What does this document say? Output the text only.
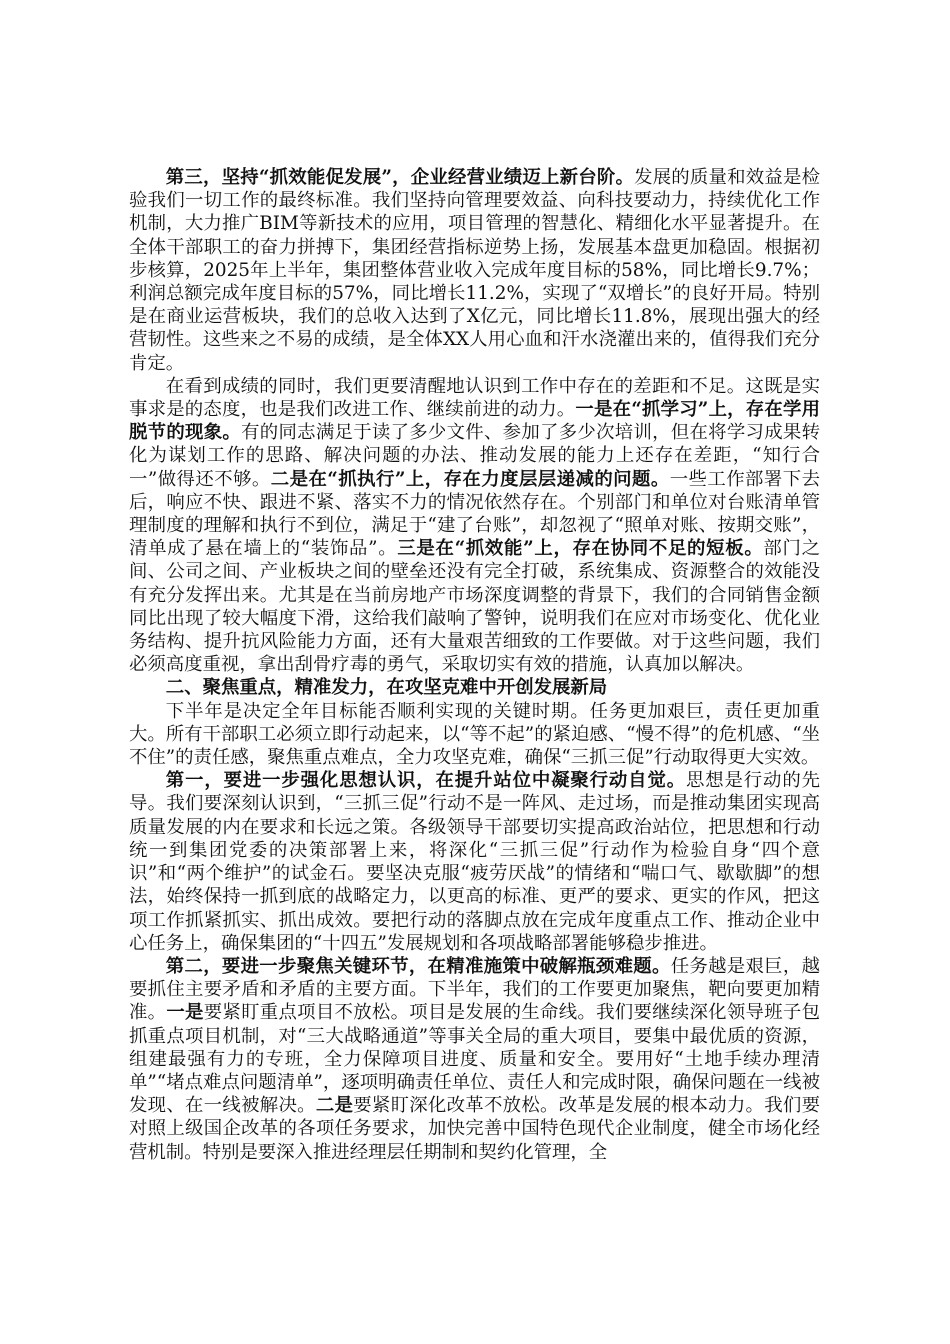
第三，坚持“抓效能促发展”，企业经营业绩迈上新台阶。发展的质量和效益是检验我们一切工作的最终标准。我们坚持向管理要效益、向科技要动力，持续优化工作机制，大力推广BIM等新技术的应用，项目管理的智慧化、精细化水平显著提升。在全体干部职工的奋力拼搏下，集团经营指标逆势上扬，发展基本盘更加稳固。根据初步核算，2025年上半年，集团整体营业收入完成年度目标的58%，同比增长9.7%；利润总额完成年度目标的57%，同比增长11.2%，实现了“双增长”的良好开局。特别是在商业运营板块，我们的总收入达到了X亿元，同比增长11.8%，展现出强大的经营韧性。这些来之不易的成绩，是全体XX人用心血和汗水浇灌出来的，值得我们充分肯定。

在看到成绩的同时，我们更要清醒地认识到工作中存在的差距和不足。这既是实事求是的态度，也是我们改进工作、继续前进的动力。一是在“抓学习”上，存在学用脱节的现象。有的同志满足于读了多少文件、参加了多少次培训，但在将学习成果转化为谋划工作的思路、解决问题的办法、推动发展的能力上还存在差距，“知行合一”做得还不够。二是在“抓执行”上，存在力度层层递减的问题。一些工作部署下去后，响应不快、跟进不紧、落实不力的情况依然存在。个别部门和单位对台账清单管理制度的理解和执行不到位，满足于“建了台账”，却忽视了“照单对账、按期交账”，清单成了悬在墙上的“装饰品”。三是在“抓效能”上，存在协同不足的短板。部门之间、公司之间、产业板块之间的壁垒还没有完全打破，系统集成、资源整合的效能没有充分发挥出来。尤其是在当前房地产市场深度调整的背景下，我们的合同销售金额同比出现了较大幅度下滑，这给我们敲响了警钟，说明我们在应对市场变化、优化业务结构、提升抗风险能力方面，还有大量艰苦细致的工作要做。对于这些问题，我们必须高度重视，拿出刮骨疗毒的勇气，采取切实有效的措施，认真加以解决。

二、聚焦重点，精准发力，在攻坚克难中开创发展新局

下半年是决定全年目标能否顺利实现的关键时期。任务更加艰巨，责任更加重大。所有干部职工必须立即行动起来，以“等不起”的紧迫感、“慢不得”的危机感、“坐不住”的责任感，聚焦重点难点，全力攻坚克难，确保“三抓三促”行动取得更大实效。

第一，要进一步强化思想认识，在提升站位中凝聚行动自觉。思想是行动的先导。我们要深刻认识到，“三抓三促”行动不是一阵风、走过场，而是推动集团实现高质量发展的内在要求和长远之策。各级领导干部要切实提高政治站位，把思想和行动统一到集团党委的决策部署上来，将深化“三抓三促”行动作为检验自身“四个意识”和“两个维护”的试金石。要坚决克服“疲劳厌战”的情绪和“喘口气、歇歇脚”的想法，始终保持一抓到底的战略定力，以更高的标准、更严的要求、更实的作风，把这项工作抓紧抓实、抓出成效。要把行动的落脚点放在完成年度重点工作、推动企业中心任务上，确保集团的“十四五”发展规划和各项战略部署能够稳步推进。

第二，要进一步聚焦关键环节，在精准施策中破解瓶颈难题。任务越是艰巨，越要抓住主要矛盾和矛盾的主要方面。下半年，我们的工作要更加聚焦，靶向要更加精准。一是要紧盯重点项目不放松。项目是发展的生命线。我们要继续深化领导班子包抓重点项目机制，对“三大战略通道”等事关全局的重大项目，要集中最优质的资源，组建最强有力的专班，全力保障项目进度、质量和安全。要用好“土地手续办理清单”“堵点难点问题清单”，逐项明确责任单位、责任人和完成时限，确保问题在一线被发现、在一线被解决。二是要紧盯深化改革不放松。改革是发展的根本动力。我们要对照上级国企改革的各项任务要求，加快完善中国特色现代企业制度，健全市场化经营机制。特别是要深入推进经理层任期制和契约化管理，全
